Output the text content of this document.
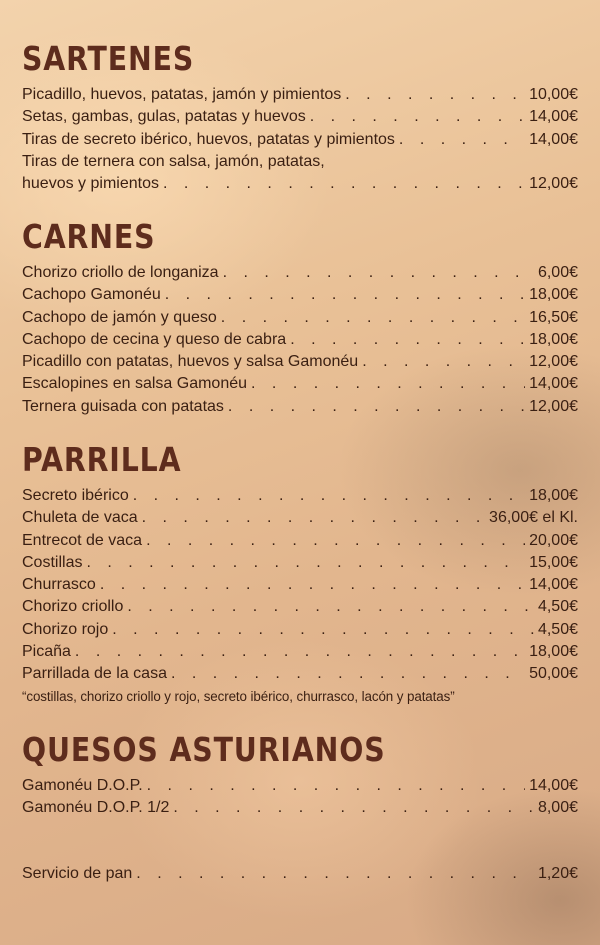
SARTENES
Picadillo, huevos, patatas, jamón y pimientos . . .	10,00€
Setas, gambas, gulas, patatas y huevos . . .	14,00€
Tiras de secreto ibérico, huevos, patatas y pimientos . . .	14,00€
Tiras de ternera con salsa, jamón, patatas,
huevos y pimientos . . .	12,00€
CARNES
Chorizo criollo de longaniza . . .	6,00€
Cachopo Gamonéu . . .	18,00€
Cachopo de jamón y queso . . .	16,50€
Cachopo de cecina y queso de cabra . . .	18,00€
Picadillo con patatas, huevos y salsa Gamonéu . . .	12,00€
Escalopines en salsa Gamonéu . . .	14,00€
Ternera guisada con patatas . . .	12,00€
PARRILLA
Secreto ibérico . . .	18,00€
Chuleta de vaca . . .	36,00€ el Kl.
Entrecot de vaca . . .	20,00€
Costillas . . .	15,00€
Churrasco . . .	14,00€
Chorizo criollo . . .	4,50€
Chorizo rojo . . .	4,50€
Picaña . . .	18,00€
Parrillada de la casa . . .	50,00€
“costillas, chorizo criollo y rojo, secreto ibérico, churrasco, lacón y patatas”
QUESOS ASTURIANOS
Gamonéu D.O.P. . . .	14,00€
Gamonéu D.O.P. 1/2 . . .	8,00€
Servicio de pan . . .	1,20€
